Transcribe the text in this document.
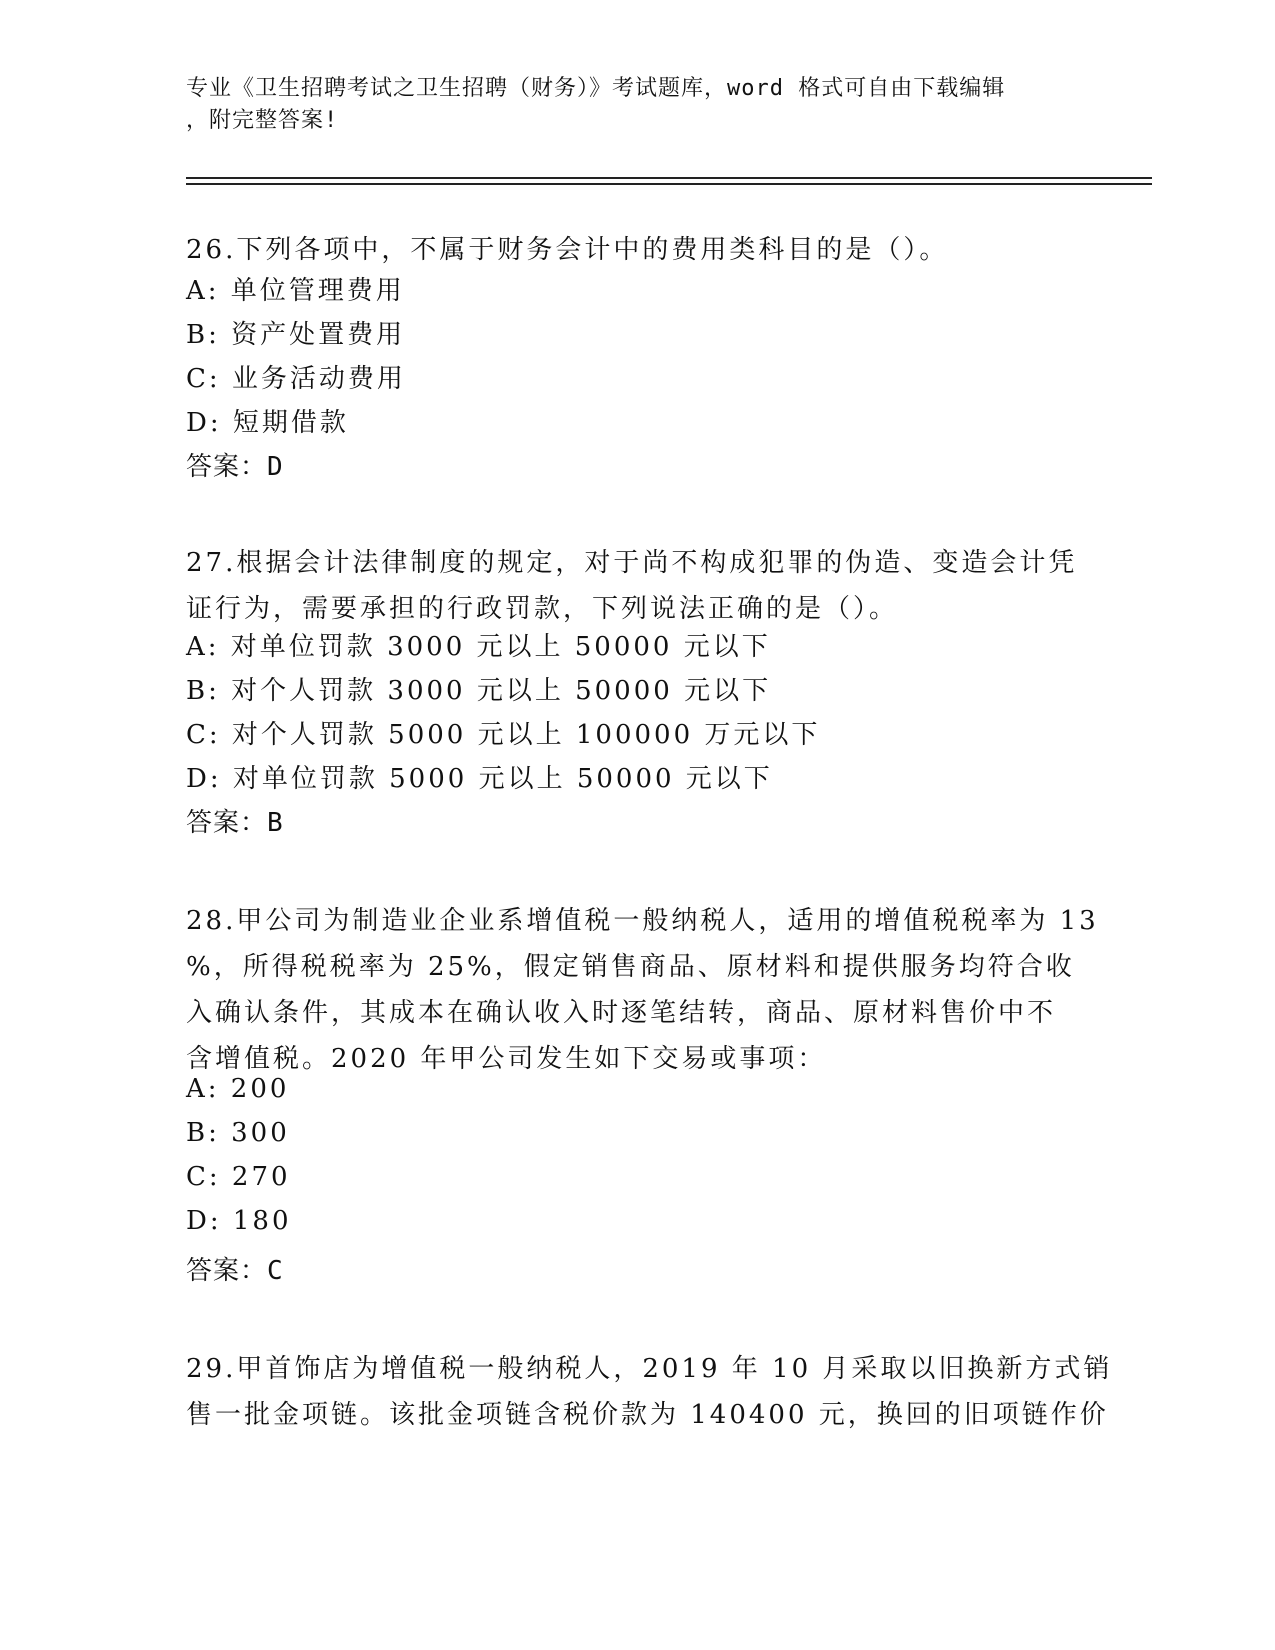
专业《卫生招聘考试之卫生招聘（财务）》考试题库，word 格式可自由下载编辑
，附完整答案!
26.下列各项中，不属于财务会计中的费用类科目的是（）。
A: 单位管理费用
B: 资产处置费用
C: 业务活动费用
D: 短期借款
答案：D
27.根据会计法律制度的规定，对于尚不构成犯罪的伪造、变造会计凭
证行为，需要承担的行政罚款，下列说法正确的是（）。
A: 对单位罚款 3000 元以上 50000 元以下
B: 对个人罚款 3000 元以上 50000 元以下
C: 对个人罚款 5000 元以上 100000 万元以下
D: 对单位罚款 5000 元以上 50000 元以下
答案：B
28.甲公司为制造业企业系增值税一般纳税人，适用的增值税税率为 13
%，所得税税率为 25%，假定销售商品、原材料和提供服务均符合收
入确认条件，其成本在确认收入时逐笔结转，商品、原材料售价中不
含增值税。2020 年甲公司发生如下交易或事项：
A: 200
B: 300
C: 270
D: 180
答案：C
29.甲首饰店为增值税一般纳税人，2019 年 10 月采取以旧换新方式销
售一批金项链。该批金项链含税价款为 140400 元，换回的旧项链作价
